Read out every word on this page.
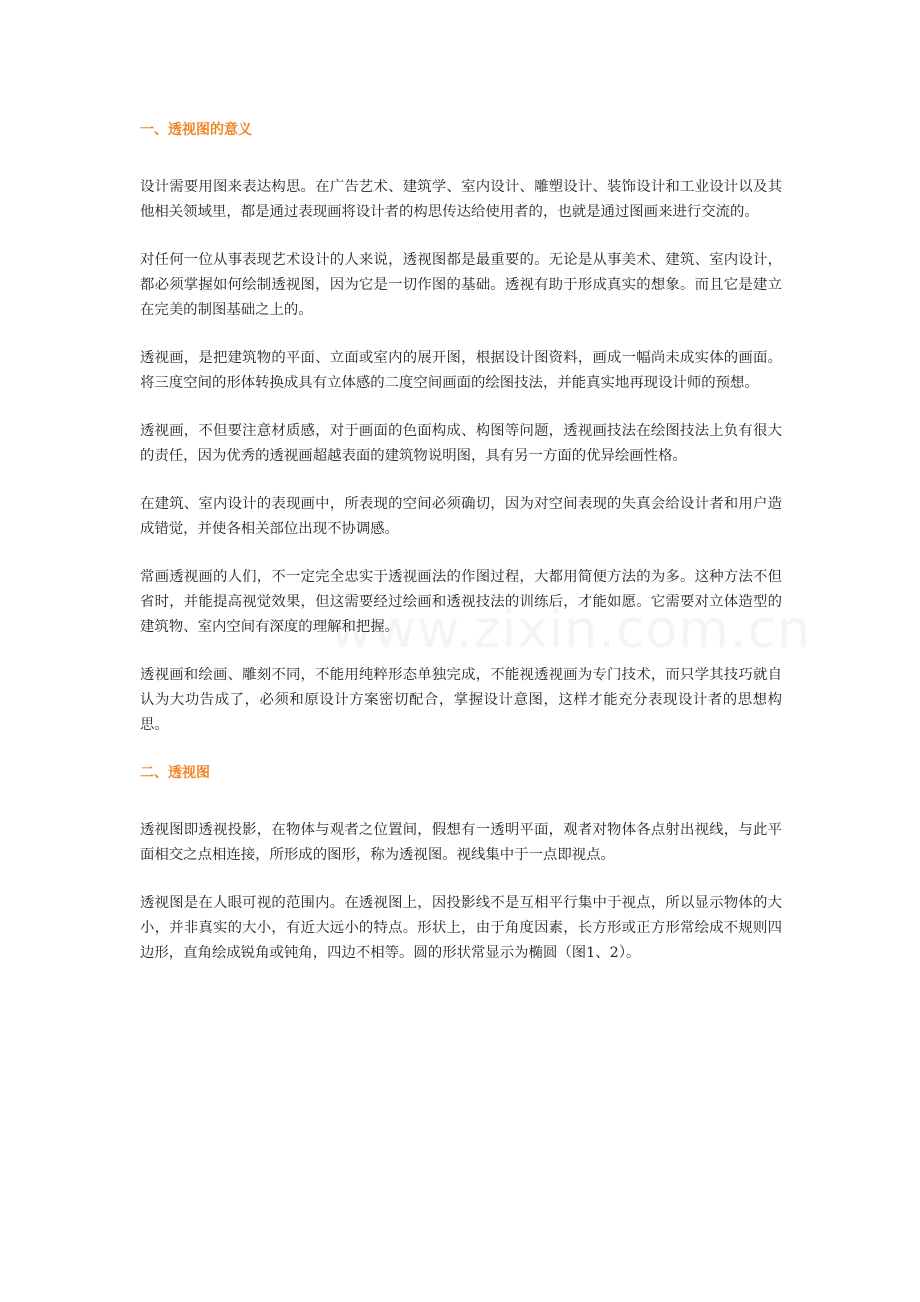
一、透视图的意义

设计需要用图来表达构思。在广告艺术、建筑学、室内设计、雕塑设计、装饰设计和工业设计以及其他相关领域里，都是通过表现画将设计者的构思传达给使用者的，也就是通过图画来进行交流的。

对任何一位从事表现艺术设计的人来说，透视图都是最重要的。无论是从事美术、建筑、室内设计，都必须掌握如何绘制透视图，因为它是一切作图的基础。透视有助于形成真实的想象。而且它是建立在完美的制图基础之上的。

透视画，是把建筑物的平面、立面或室内的展开图，根据设计图资料，画成一幅尚未成实体的画面。将三度空间的形体转换成具有立体感的二度空间画面的绘图技法，并能真实地再现设计师的预想。

透视画，不但要注意材质感，对于画面的色面构成、构图等问题，透视画技法在绘图技法上负有很大的责任，因为优秀的透视画超越表面的建筑物说明图，具有另一方面的优异绘画性格。

在建筑、室内设计的表现画中，所表现的空间必须确切，因为对空间表现的失真会给设计者和用户造成错觉，并使各相关部位出现不协调感。

常画透视画的人们，不一定完全忠实于透视画法的作图过程，大都用简便方法的为多。这种方法不但省时，并能提高视觉效果，但这需要经过绘画和透视技法的训练后，才能如愿。它需要对立体造型的建筑物、室内空间有深度的理解和把握。

透视画和绘画、雕刻不同，不能用纯粹形态单独完成，不能视透视画为专门技术，而只学其技巧就自认为大功告成了，必须和原设计方案密切配合，掌握设计意图，这样才能充分表现设计者的思想构思。

二、透视图

透视图即透视投影，在物体与观者之位置间，假想有一透明平面，观者对物体各点射出视线，与此平面相交之点相连接，所形成的图形，称为透视图。视线集中于一点即视点。

透视图是在人眼可视的范围内。在透视图上，因投影线不是互相平行集中于视点，所以显示物体的大小，并非真实的大小，有近大远小的特点。形状上，由于角度因素，长方形或正方形常绘成不规则四边形，直角绘成锐角或钝角，四边不相等。圆的形状常显示为椭圆（图1、2）。
